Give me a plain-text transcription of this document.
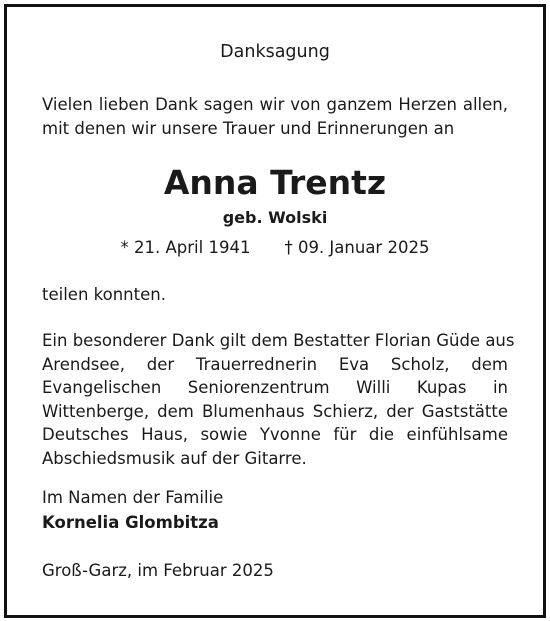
Danksagung
Vielen lieben Dank sagen wir von ganzem Herzen allen,
mit denen wir unsere Trauer und Erinnerungen an
Anna Trentz
geb. Wolski
* 21. April 1941 † 09. Januar 2025
teilen konnten.
Ein besonderer Dank gilt dem Bestatter Florian Güde aus
Arendsee, der Trauerrednerin Eva Scholz, dem
Evangelischen Seniorenzentrum Willi Kupas in
Wittenberge, dem Blumenhaus Schierz, der Gaststätte
Deutsches Haus, sowie Yvonne für die einfühlsame
Abschiedsmusik auf der Gitarre.
Im Namen der Familie
Kornelia Glombitza
Groß-Garz, im Februar 2025
